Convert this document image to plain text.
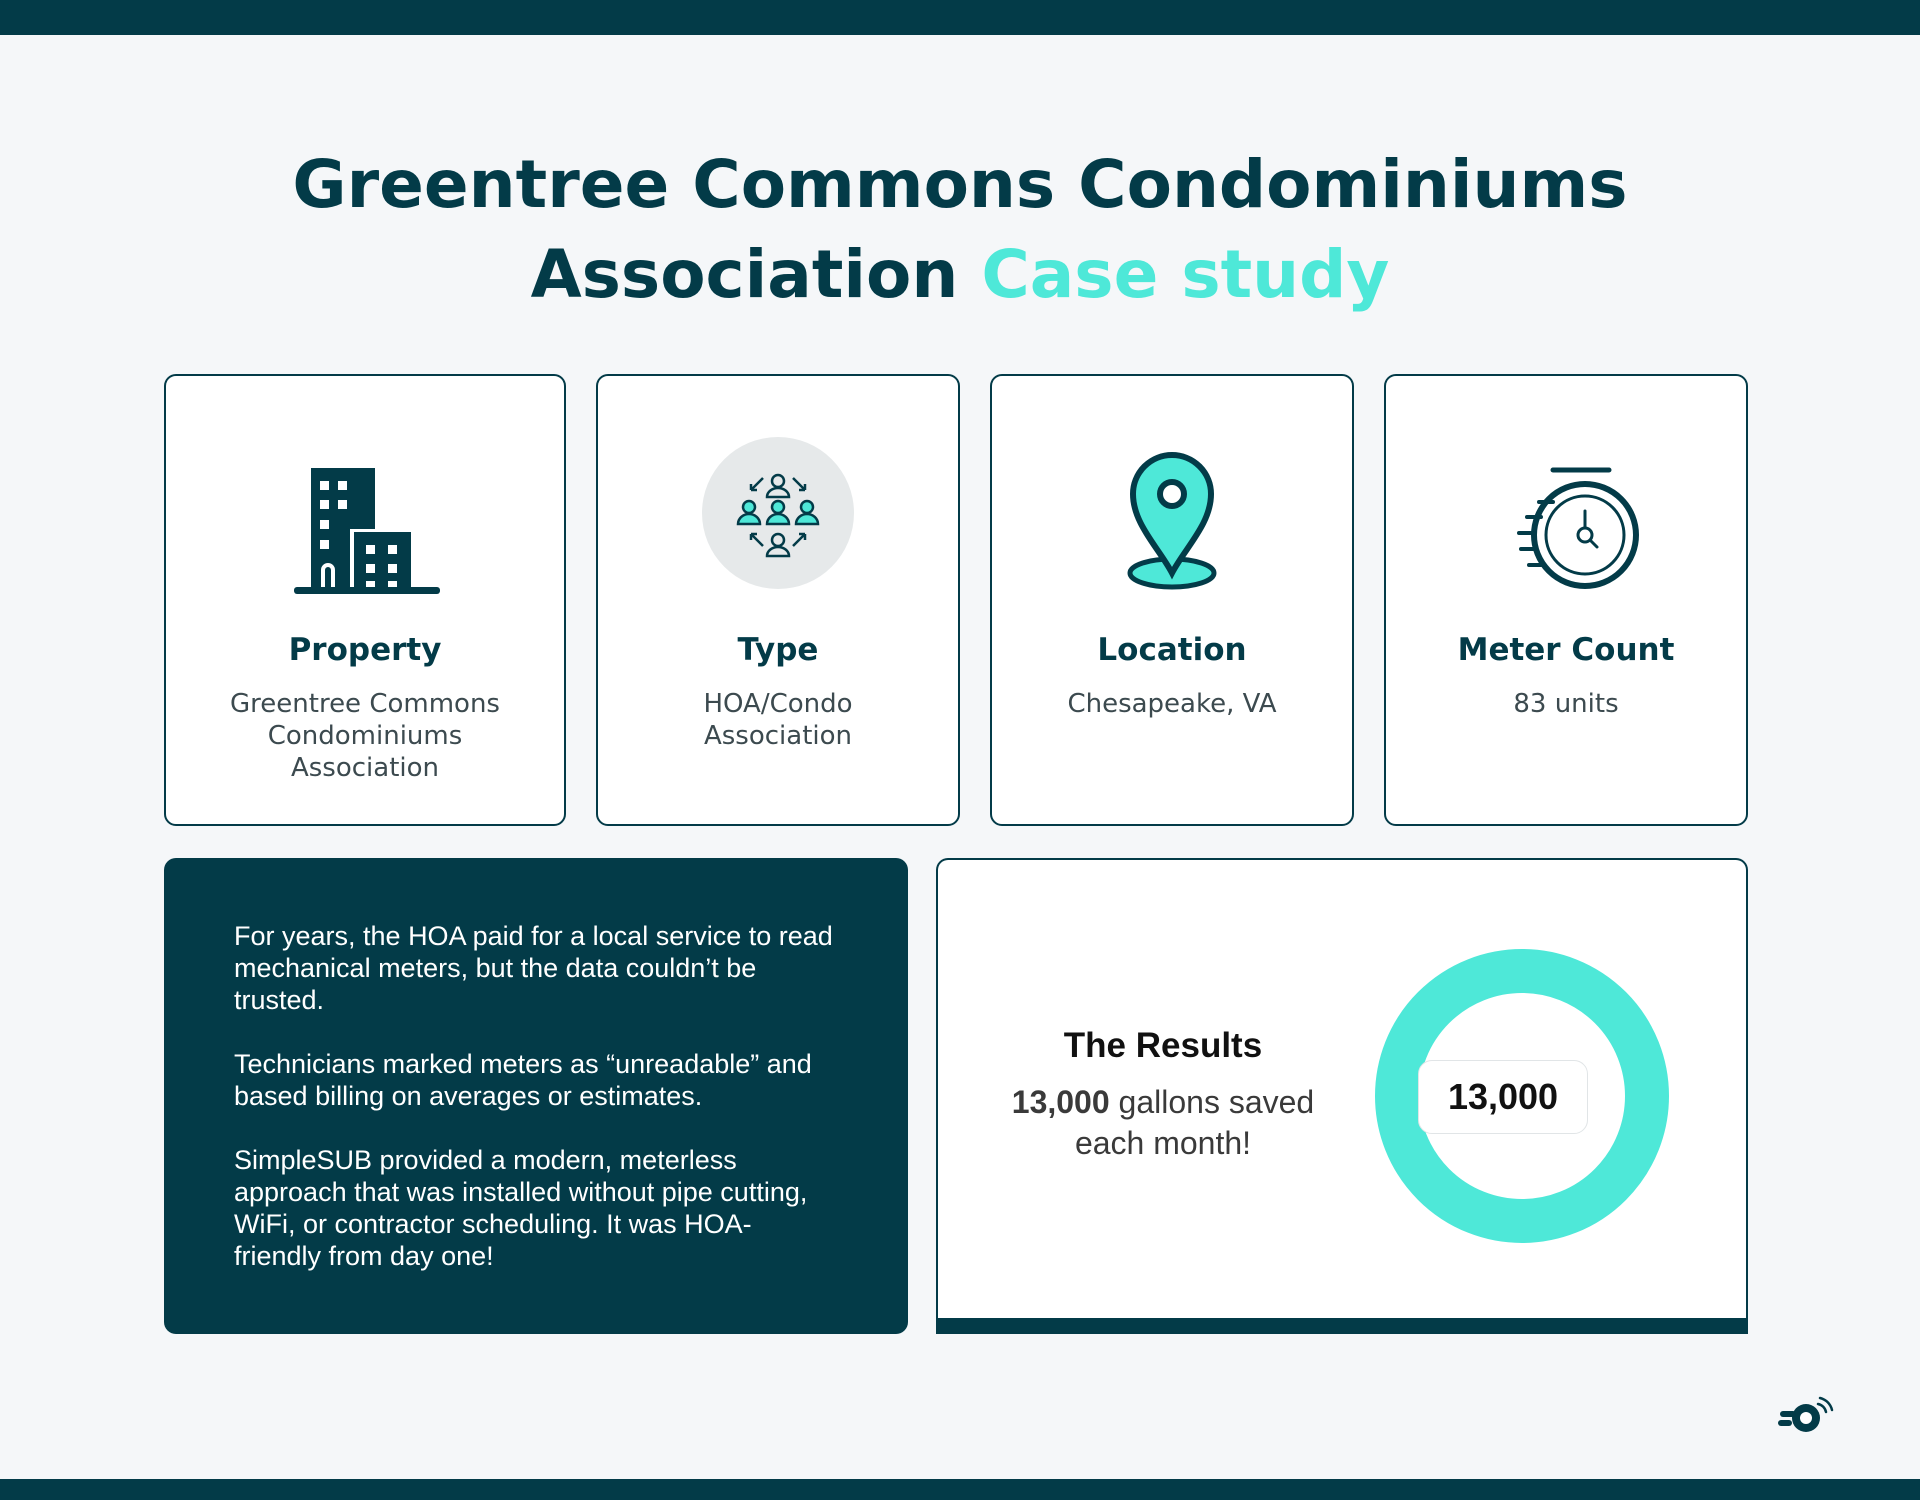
Greentree Commons Condominiums
Association Case study
Property
Greentree Commons Condominiums Association
Type
HOA/Condo Association
Location
Chesapeake, VA
Meter Count
83 units

For years, the HOA paid for a local service to read mechanical meters, but the data couldn’t be trusted.

Technicians marked meters as “unreadable” and based billing on averages or estimates.

SimpleSUB provided a modern, meterless approach that was installed without pipe cutting, WiFi, or contractor scheduling. It was HOA-friendly from day one!

The Results
13,000 gallons saved each month!
13,000
